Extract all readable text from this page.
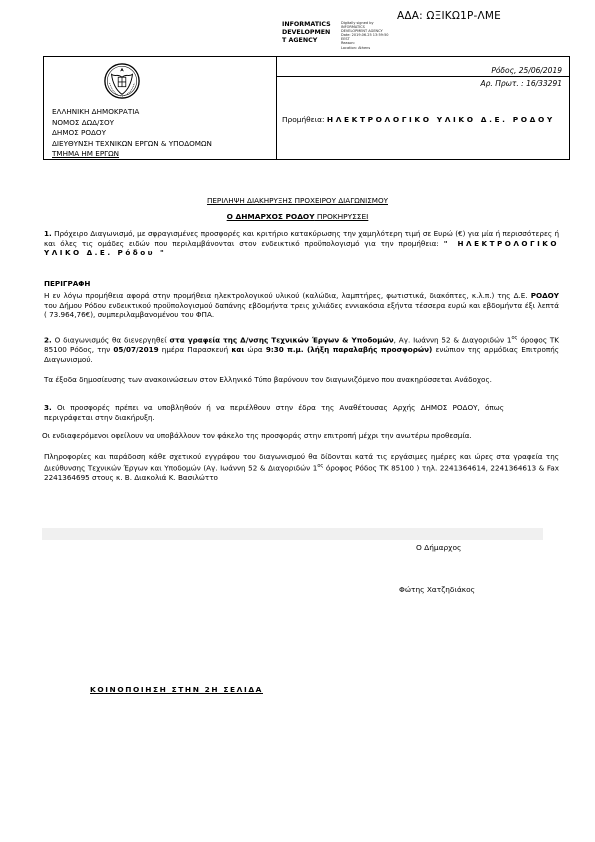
ΑΔΑ: ΩΞΙΚΩ1Ρ-ΛΜΕ
INFORMATICS
DEVELOPMEN
T AGENCY
Digitally signed by
INFORMATICS
DEVELOPMENT AGENCY
Date: 2019.06.25 13:59:50
EEST
Reason:
Location: Athens
ΕΛΛΗΝΙΚΗ ΔΗΜΟΚΡΑΤΙΑ
ΝΟΜΟΣ ΔΩΔ/ΣΟΥ
ΔΗΜΟΣ ΡΟΔΟΥ
ΔΙΕΥΘΥΝΣΗ ΤΕΧΝΙΚΩΝ ΕΡΓΩΝ & ΥΠΟΔΟΜΩΝ
ΤΜΗΜΑ ΗΜ ΕΡΓΩΝ
Ρόδος, 25/06/2019
Αρ. Πρωτ. : 16/33291
Προμήθεια: ΗΛΕΚΤΡΟΛΟΓΙΚΟ ΥΛΙΚΟ Δ.Ε. ΡΟΔΟΥ
ΠΕΡΙΛΗΨΗ ΔΙΑΚΗΡΥΞΗΣ ΠΡΟΧΕΙΡΟΥ ΔΙΑΓΩΝΙΣΜΟΥ
Ο ΔΗΜΑΡΧΟΣ ΡΟΔΟΥ ΠΡΟΚΗΡΥΣΣΕΙ
1. Πρόχειρο Διαγωνισμό, με σφραγισμένες προσφορές και κριτήριο κατακύρωσης την χαμηλότερη τιμή σε Ευρώ (€) για μία ή περισσότερες ή και όλες τις ομάδες ειδών που περιλαμβάνονται στον ενδεικτικό προϋπολογισμό για την προμήθεια: " ΗΛΕΚΤΡΟΛΟΓΙΚΟ ΥΛΙΚΟ Δ.Ε. Ρόδου "
ΠΕΡΙΓΡΑΦΗ
Η εν λόγω προμήθεια αφορά στην προμήθεια ηλεκτρολογικού υλικού (καλώδια, λαμπτήρες, φωτιστικά, διακόπτες, κ.λ.π.) της Δ.Ε. ΡΟΔΟΥ του Δήμου Ρόδου ενδεικτικού προϋπολογισμού δαπάνης εβδομήντα τρεις χιλιάδες εννιακόσια εξήντα τέσσερα ευρώ και εβδομήντα έξι λεπτά ( 73.964,76€), συμπεριλαμβανομένου του ΦΠΑ.
2. Ο διαγωνισμός θα διενεργηθεί στα γραφεία της Δ/νσης Τεχνικών Έργων & Υποδομών, Αγ. Ιωάννη 52 & Διαγοριδών $1^{o\varsigma}$ όροφος ΤΚ 85100 Ρόδος, την 05/07/2019 ημέρα Παρασκευή και ώρα 9:30 π.μ. (λήξη παραλαβής προσφορών) ενώπιον της αρμόδιας Επιτροπής Διαγωνισμού.
Τα έξοδα δημοσίευσης των ανακοινώσεων στον Ελληνικό Τύπο βαρύνουν τον διαγωνιζόμενο που ανακηρύσσεται Ανάδοχος.
3. Οι προσφορές πρέπει να υποβληθούν ή να περιέλθουν στην έδρα της Αναθέτουσας Αρχής ΔΗΜΟΣ ΡΟΔΟΥ, όπως περιγράφεται στην διακήρυξη.
Οι ενδιαφερόμενοι οφείλουν να υποβάλλουν τον φάκελο της προσφοράς στην επιτροπή μέχρι την ανωτέρω προθεσμία.
Πληροφορίες και παράδοση κάθε σχετικού εγγράφου του διαγωνισμού θα δίδονται κατά τις εργάσιμες ημέρες και ώρες στα γραφεία της Διεύθυνσης Τεχνικών Έργων και Υποδομών (Αγ. Ιωάννη 52 & Διαγοριδών $1^{o\varsigma}$ όροφος Ρόδος ΤΚ 85100 ) τηλ. 2241364614, 2241364613 & Fax 2241364695 στους κ. Β. Διακολιά Κ. Βασιλώττο
Ο Δήμαρχος
Φώτης Χατζηδιάκος
ΚΟΙΝΟΠΟΙΗΣΗ ΣΤΗΝ 2Η ΣΕΛΙΔΑ
